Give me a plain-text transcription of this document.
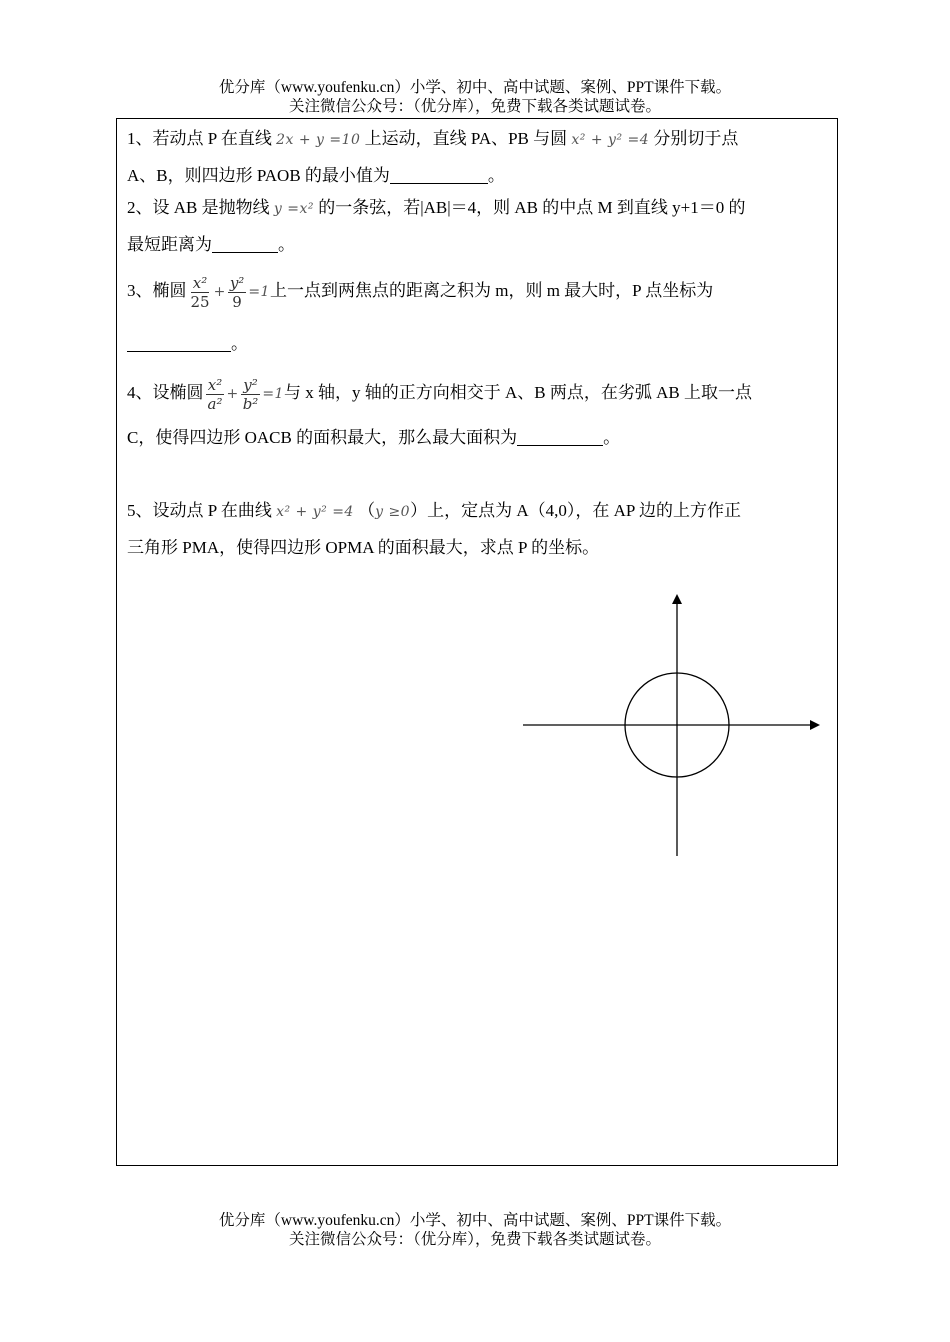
优分库（www.youfenku.cn）小学、初中、高中试题、案例、PPT课件下载。
关注微信公众号：（优分库），免费下载各类试题试卷。
1、若动点 P 在直线 2x + y =10 上运动，直线 PA、PB 与圆 x² + y² =4 分别切于点
A、B，则四边形 PAOB 的最小值为	。
2、设 AB 是抛物线 y =x² 的一条弦，若|AB|＝4，则 AB 的中点 M 到直线 y+1＝0 的
最短距离为	。
3、椭圆 $\frac{\text{x²}}{25} + \frac{\text{y²}}{9} =1$上一点到两焦点的距离之积为 m，则 m 最大时，P 点坐标为
。
4、设椭圆 $\frac{\text{x²}}{\text{a²}} + \frac{\text{y²}}{\text{b²}} =1$与 x 轴，y 轴的正方向相交于 A、B 两点，在劣弧 AB 上取一点
C，使得四边形 OACB 的面积最大，那么最大面积为	。
5、设动点 P 在曲线 x² + y² =4 （y ≥0）上，定点为 A（4,0），在 AP 边的上方作正
三角形 PMA，使得四边形 OPMA 的面积最大，求点 P 的坐标。
优分库（www.youfenku.cn）小学、初中、高中试题、案例、PPT课件下载。
关注微信公众号：（优分库），免费下载各类试题试卷。
